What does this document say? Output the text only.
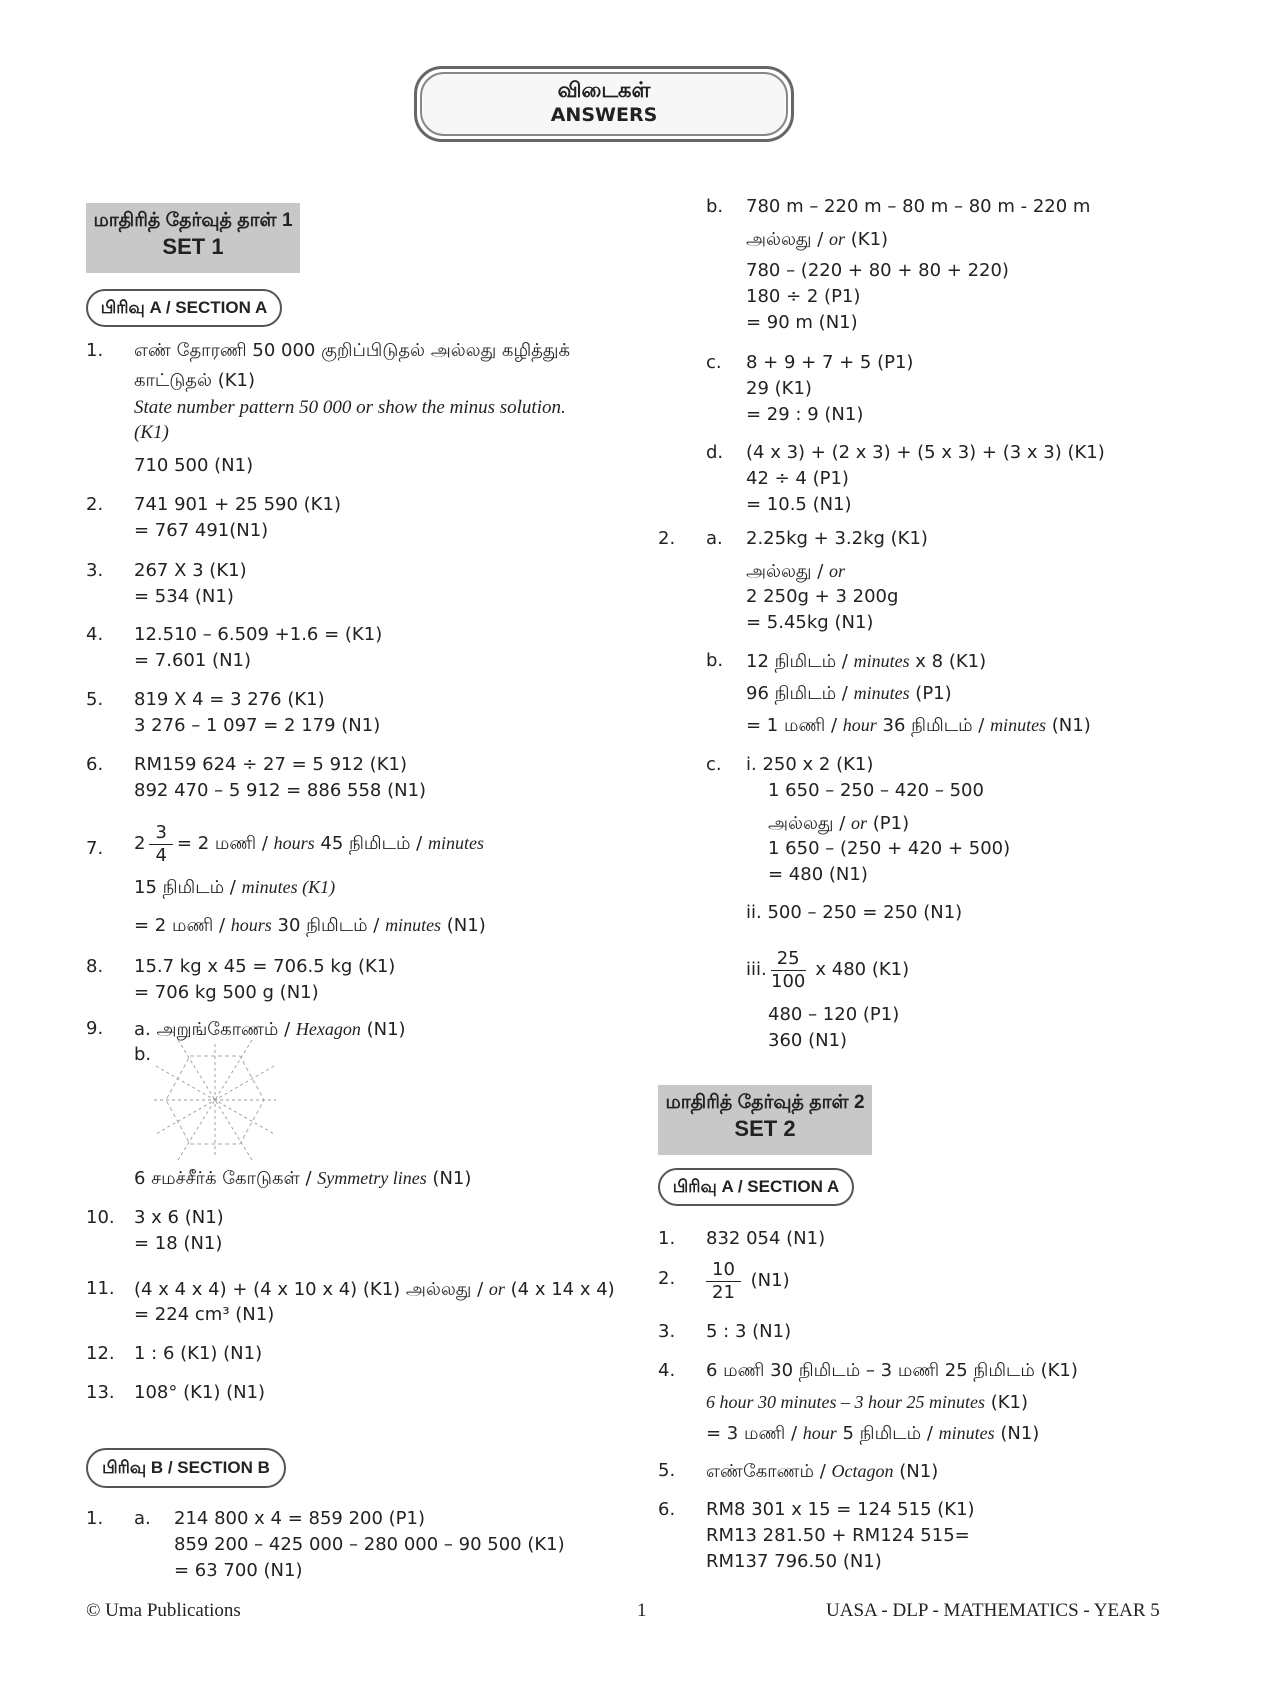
விடைகள்
ANSWERS
மாதிரித் தேர்வுத் தாள் 1
SET 1
பிரிவு A / SECTION A
1. எண் தோரணி 50 000 குறிப்பிடுதல் அல்லது கழித்துக்
காட்டுதல் (K1)
State number pattern 50 000 or show the minus solution.
(K1)
710 500 (N1)
2. 741 901 + 25 590 (K1)
= 767 491(N1)
3. 267 X 3 (K1)
= 534 (N1)
4. 12.510 – 6.509 +1.6 = (K1)
= 7.601 (N1)
5. 819 X 4 = 3 276 (K1)
3 276 – 1 097 = 2 179 (N1)
6. RM159 624 ÷ 27 = 5 912 (K1)
892 470 – 5 912 = 886 558 (N1)
7. $2 \frac{3}{4} = 2$ மணி / hours 45 நிமிடம் / minutes
15 நிமிடம் / minutes (K1)
= 2 மணி / hours 30 நிமிடம் / minutes (N1)
8. 15.7 kg x 45 = 706.5 kg (K1)
= 706 kg 500 g (N1)
9. a. அறுங்கோணம் / Hexagon (N1)
b.
6 சமச்சீர்க் கோடுகள் / Symmetry lines (N1)
10. 3 x 6 (N1)
= 18 (N1)
11. (4 x 4 x 4) + (4 x 10 x 4) (K1) அல்லது / or (4 x 14 x 4)
= 224 cm³ (N1)
12. 1 : 6 (K1) (N1)
13. 108° (K1) (N1)
பிரிவு B / SECTION B
1. a. 214 800 x 4 = 859 200 (P1)
859 200 – 425 000 – 280 000 – 90 500 (K1)
= 63 700 (N1)
b. 780 m – 220 m – 80 m – 80 m - 220 m
அல்லது / or (K1)
780 – (220 + 80 + 80 + 220)
180 ÷ 2 (P1)
= 90 m (N1)
c. 8 + 9 + 7 + 5 (P1)
29 (K1)
= 29 : 9 (N1)
d. (4 x 3) + (2 x 3) + (5 x 3) + (3 x 3) (K1)
42 ÷ 4 (P1)
= 10.5 (N1)
2. a. 2.25kg + 3.2kg (K1)
அல்லது / or
2 250g + 3 200g
= 5.45kg (N1)
b. 12 நிமிடம் / minutes x 8 (K1)
96 நிமிடம் / minutes (P1)
= 1 மணி / hour 36 நிமிடம் / minutes (N1)
c. i. 250 x 2 (K1)
1 650 – 250 – 420 – 500
அல்லது / or (P1)
1 650 – (250 + 420 + 500)
= 480 (N1)
ii. 500 – 250 = 250 (N1)
iii. $\frac{25}{100}$ x 480 (K1)
480 – 120 (P1)
360 (N1)
மாதிரித் தேர்வுத் தாள் 2
SET 2
பிரிவு A / SECTION A
1. 832 054 (N1)
2. $\frac{10}{21} (N1)$
3. 5 : 3 (N1)
4. 6 மணி 30 நிமிடம் – 3 மணி 25 நிமிடம் (K1)
6 hour 30 minutes – 3 hour 25 minutes (K1)
= 3 மணி / hour 5 நிமிடம் / minutes (N1)
5. எண்கோணம் / Octagon (N1)
6. RM8 301 x 15 = 124 515 (K1)
RM13 281.50 + RM124 515=
RM137 796.50 (N1)
© Uma Publications	1	UASA - DLP - MATHEMATICS - YEAR 5
